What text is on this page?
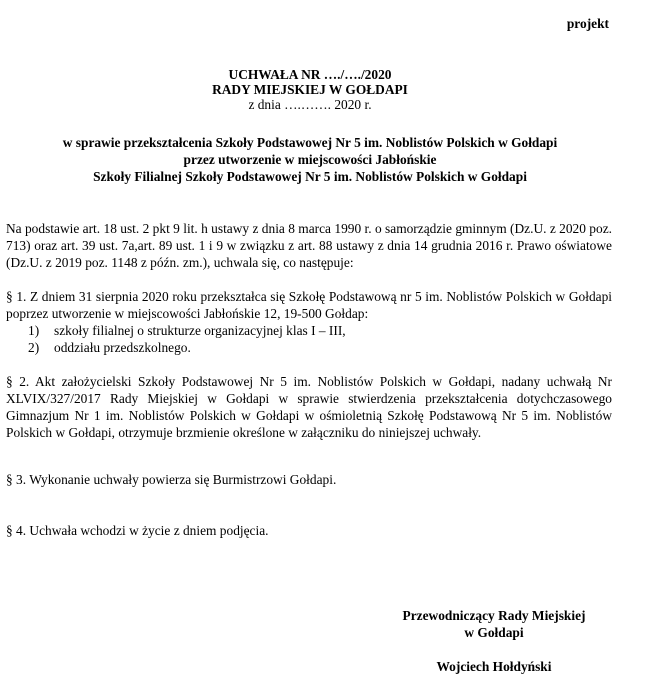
projekt
UCHWAŁA NR …./…./2020
RADY MIEJSKIEJ W GOŁDAPI
z dnia ….……. 2020 r.
w sprawie przekształcenia Szkoły Podstawowej Nr 5 im. Noblistów Polskich w Gołdapi
przez utworzenie w miejscowości Jabłońskie
Szkoły Filialnej Szkoły Podstawowej Nr 5 im. Noblistów Polskich w Gołdapi
Na podstawie art. 18 ust. 2 pkt 9 lit. h ustawy z dnia 8 marca 1990 r. o samorządzie gminnym (Dz.U. z 2020 poz. 713) oraz art. 39 ust. 7a,art. 89 ust. 1 i 9 w związku z art. 88 ustawy z dnia 14 grudnia 2016 r. Prawo oświatowe (Dz.U. z 2019 poz. 1148 z późn. zm.), uchwala się, co następuje:
§ 1. Z dniem 31 sierpnia 2020 roku przekształca się Szkołę Podstawową nr 5 im. Noblistów Polskich w Gołdapi poprzez utworzenie w miejscowości Jabłońskie 12, 19-500 Gołdap:
1)	szkoły filialnej o strukturze organizacyjnej klas I – III,
2)	oddziału przedszkolnego.
§ 2. Akt założycielski Szkoły Podstawowej Nr 5 im. Noblistów Polskich w Gołdapi, nadany uchwałą Nr XLVIX/327/2017 Rady Miejskiej w Gołdapi w sprawie stwierdzenia przekształcenia dotychczasowego Gimnazjum Nr 1 im. Noblistów Polskich w Gołdapi w ośmioletnią Szkołę Podstawową Nr 5 im. Noblistów Polskich w Gołdapi, otrzymuje brzmienie określone w załączniku do niniejszej uchwały.
§ 3. Wykonanie uchwały powierza się Burmistrzowi Gołdapi.
§ 4. Uchwała wchodzi w życie z dniem podjęcia.
Przewodniczący Rady Miejskiej
w Gołdapi
Wojciech Hołdyński
